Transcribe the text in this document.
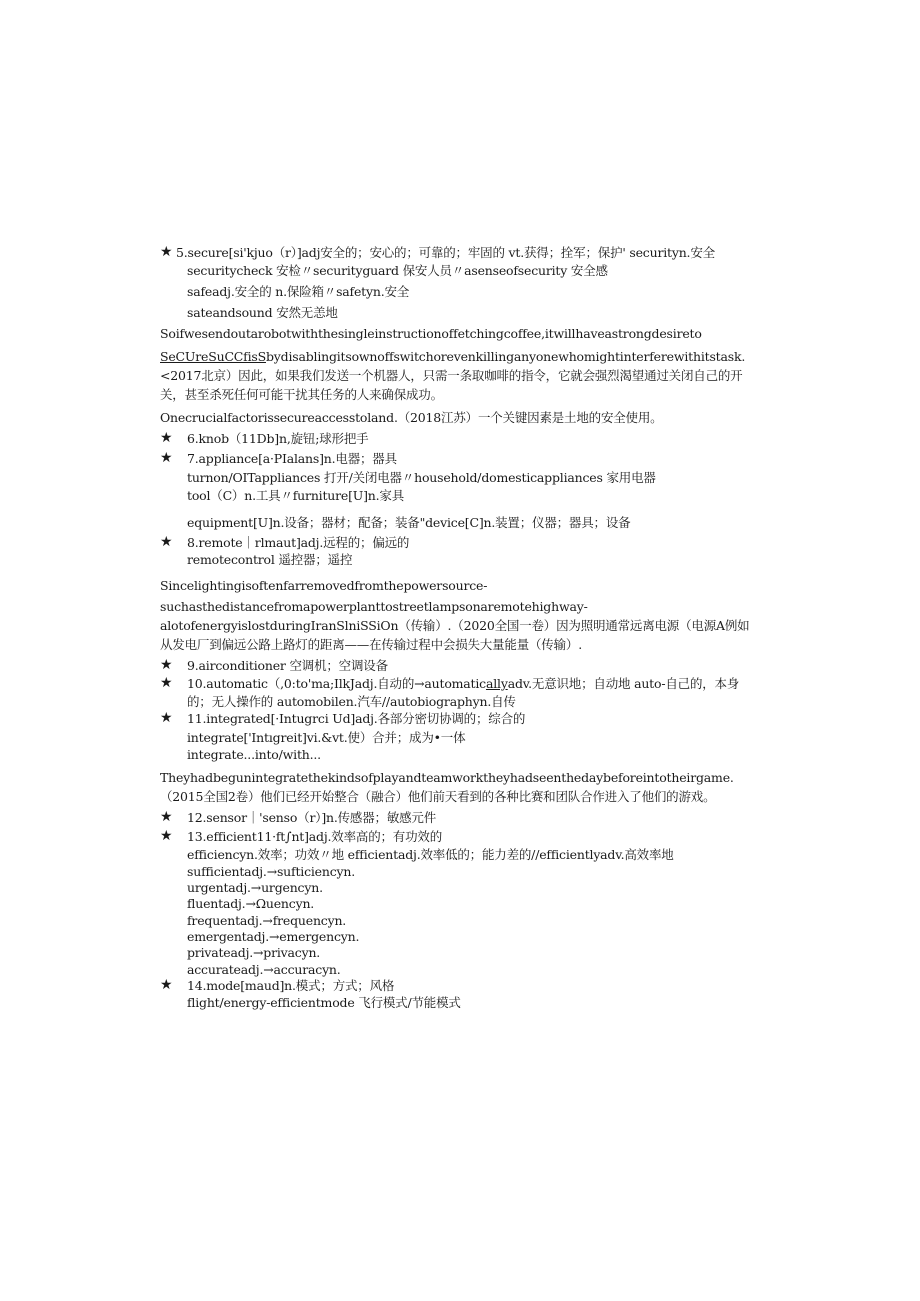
★ 5.secure[si'kjuo（r）]adj安全的；安心的；可靠的；牢固的 vt.获得；拴军；保护' securityn.安全
securitycheck 安检〃securityguard 保安人员〃asenseofsecurity 安全感
safeadj.安全的 n.保险箱〃safetyn.安全
sateandsound 安然无恙地
Soifwesendoutarobotwiththesingleinstructionoffetchingcoffee,itwillhaveastrongdesireto
SeCUreSuCCfisSbydisablingitsownoffswitchorevenkillinganyonewhomightinterferewithitstask.<2017北京）因此，如果我们发送一个机器人，只需一条取咖啡的指令，它就会强烈渴望通过关闭自己的开关，甚至杀死任何可能干扰其任务的人来确保成功。
Onecrucialfactorissecureaccesstoland.（2018江苏）一个关键因素是土地的安全使用。
★ 6.knob（11Db]n,旋钮;球形把手
★ 7.appliance[a·PIalans]n.电器；器具
turnon/OITappliances 打开/关闭电器〃household/domesticappliances 家用电器
tool（C）n.工具〃furniture[U]n.家具
equipment[U]n.设备；器材；配备；装备"device[C]n.装置；仪器；器具；设备
★ 8.remote｜rlmaut]adj.远程的；偏远的
remotecontrol 遥控器；遥控
Sincelightingisoftenfarremovedfromthepowersource-
suchasthedistancefromapowerplanttostreetlampsonaremotehighway-alotofenergyislostduringIranSlniSSiOn（传输）.（2020全国一卷）因为照明通常远离电源（电源A例如从发电厂到偏远公路上路灯的距离——在传输过程中会损失大量能量（传输）.
★ 9.airconditioner 空调机；空调设备
★ 10.automatic（,0:to'ma;IlkJadj.自动的→automaticallyadv.无意识地；自动地 auto-自己的，本身的；无人操作的 automobilen.汽车//autobiographyn.自传
★ 11.integrated[·Intugrci Ud]adj.各部分密切协调的；综合的
integrate['Intıgreit]vi.&vt.使）合并；成为•一体
integrate...into/with...
Theyhadbegunintegratethekindsofplayandteamworktheyhadseenthedaybeforeintotheirgame.（2015全国2卷）他们已经开始整合（融合）他们前天看到的各种比赛和团队合作进入了他们的游戏。
★ 12.sensor｜'senso（r）]n.传感器；敏感元件
★ 13.efficient11·ft∫nt]adj.效率高的；有功效的
efficiencyn.效率；功效〃地 efficientadj.效率低的；能力差的//efficientlyadv.高效率地
sufficientadj.→sufticiencyn.
urgentadj.→urgencyn.
fluentadj.→Ωuencyn.
frequentadj.→frequencyn.
emergentadj.→emergencyn.
privateadj.→privacyn.
accurateadj.→accuracyn.
★ 14.mode[maud]n.模式；方式；风格
flight/energy-efficientmode 飞行模式/节能模式
